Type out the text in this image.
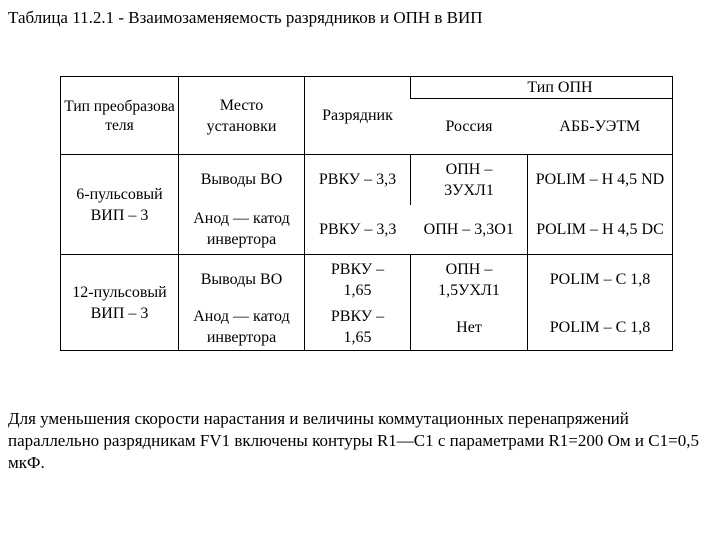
Таблица 11.2.1 - Взаимозаменяемость разрядников и ОПН в ВИП
Тип преобразователя	Место установки	Разрядник	Тип ОПН	
			Россия	АББ-УЭТМ
6-пульсовый ВИП – 3	Выводы ВО	РВКУ – 3,3	ОПН – 3УХЛ1	POLIM – H 4,5 ND
	Анод — катод инвертора	РВКУ – 3,3	ОПН – 3,3О1	POLIM – H 4,5 DC
12-пульсовый ВИП – 3	Выводы ВО	РВКУ – 1,65	ОПН – 1,5УХЛ1	POLIM – C 1,8
	Анод — катод инвертора	РВКУ – 1,65	Нет	POLIM – C 1,8
Для уменьшения скорости нарастания и величины коммутационных перенапряжений параллельно разрядникам FV1 включены контуры R1—C1 с параметрами R1=200 Ом и C1=0,5 мкФ.
